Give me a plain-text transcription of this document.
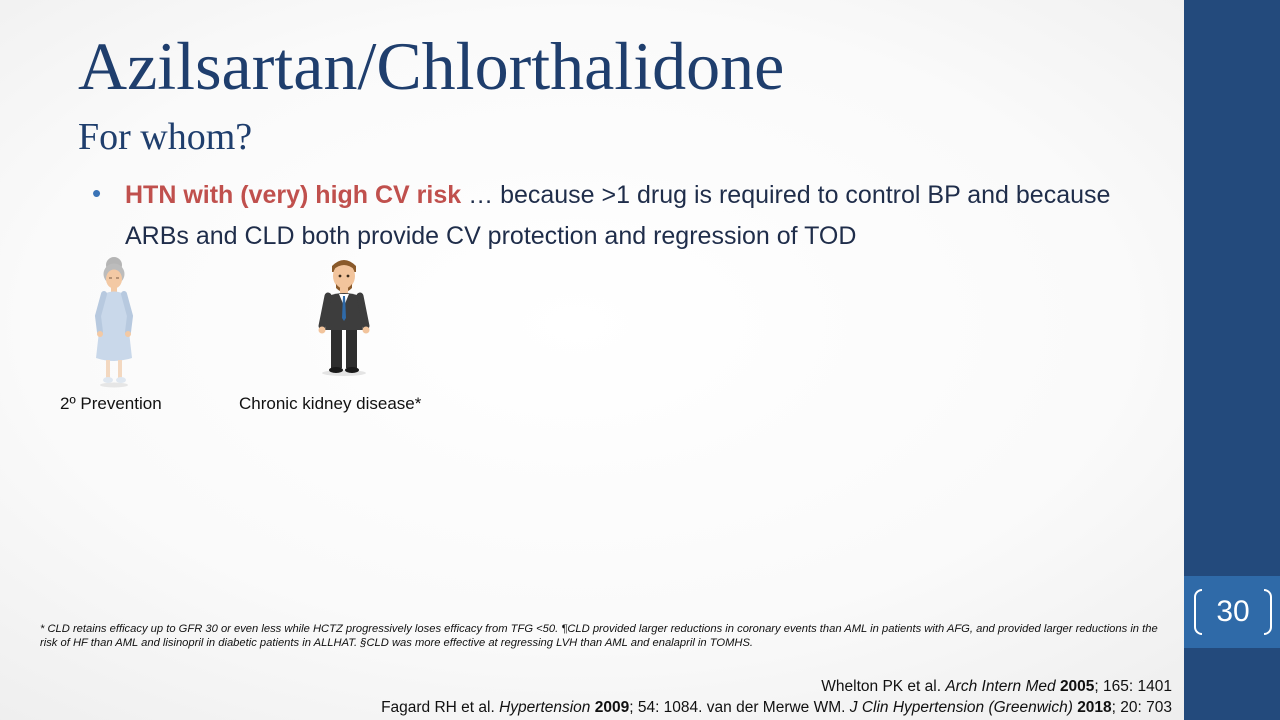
30
Azilsartan/Chlorthalidone
For whom?
• HTN with (very) high CV risk … because >1 drug is required to control BP and because ARBs and CLD both provide CV protection and regression of TOD

2º Prevention	Chronic kidney disease*

* CLD retains efficacy up to GFR 30 or even less while HCTZ progressively loses efficacy from TFG <50. ¶CLD provided larger reductions in coronary events than AML in patients with AFG, and provided larger reductions in the risk of HF than AML and lisinopril in diabetic patients in ALLHAT. §CLD was more effective at regressing LVH than AML and enalapril in TOMHS.

Whelton PK et al. Arch Intern Med 2005; 165: 1401
Fagard RH et al. Hypertension 2009; 54: 1084. van der Merwe WM. J Clin Hypertension (Greenwich) 2018; 20: 703
